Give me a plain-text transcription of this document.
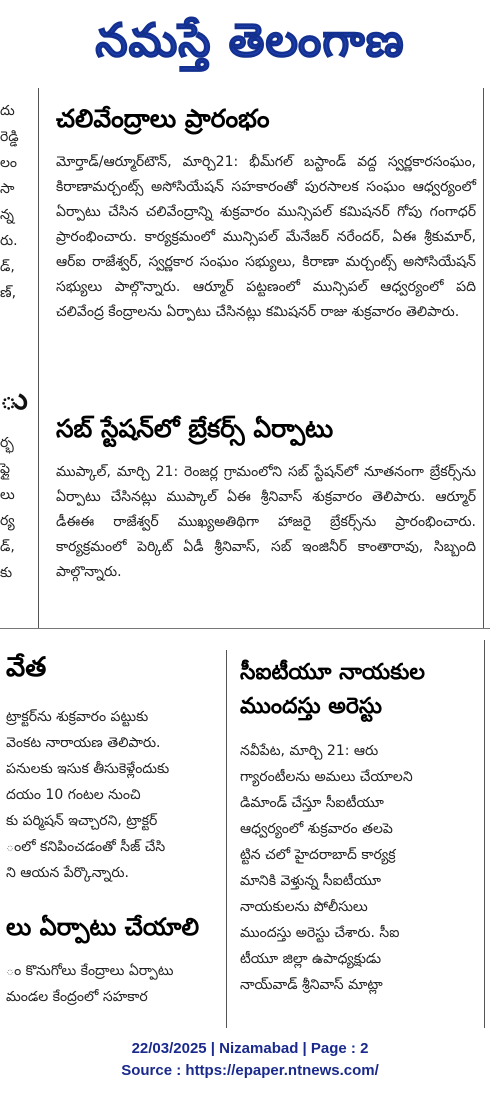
నమస్తే తెలంగాణ
దు
రెడ్డి
లం
సా
న్న
రు.
డ్,
ణ్,
ు
ర్భ
ఫ్లై
లు
ర్య
డ్,
కు
చలివేంద్రాలు ప్రారంభం
మోర్తాడ్/ఆర్మూర్‌టౌన్, మార్చి21: భీమ్‌గల్ బస్టాండ్ వద్ద స్వర్ణకారసంఘం, కిరాణామర్చంట్స్ అసోసియేషన్ సహకారంతో పురసాలక సంఘం ఆధ్వర్యంలో ఏర్పాటు చేసిన చలివేంద్రాన్ని శుక్రవారం మున్సిపల్ కమిషనర్ గోపు గంగాధర్ ప్రారంభించారు. కార్యక్రమంలో మున్సిపల్ మేనేజర్ నరేందర్, ఏఈ శ్రీకుమార్, ఆర్ఐ రాజేశ్వర్, స్వర్ణకార సంఘం సభ్యులు, కిరాణా మర్చంట్స్ అసోసియేషన్ సభ్యులు పాల్గొన్నారు. ఆర్మూర్ పట్టణంలో మున్సిపల్ ఆధ్వర్యంలో పది చలివేంద్ర కేంద్రాలను ఏర్పాటు చేసినట్లు కమిషనర్ రాజు శుక్రవారం తెలిపారు.
సబ్ స్టేషన్‌లో బ్రేకర్స్ ఏర్పాటు
ముప్కాల్, మార్చి 21: రెంజర్ల గ్రామంలోని సబ్ స్టేషన్‌లో నూతనంగా బ్రేకర్స్‌ను ఏర్పాటు చేసినట్లు ముప్కాల్ ఏఈ శ్రీనివాస్ శుక్రవారం తెలిపారు. ఆర్మూర్ డీఈఈ రాజేశ్వర్ ముఖ్యఅతిథిగా హాజరై బ్రేకర్స్‌ను ప్రారంభించారు. కార్యక్రమంలో పెర్కిట్ ఏడీ శ్రీనివాస్, సబ్ ఇంజినీర్ కాంతారావు, సిబ్బంది పాల్గొన్నారు.
వేత
ట్రాక్టర్‌ను శుక్రవారం పట్టుకు
వెంకట నారాయణ తెలిపారు.
పనులకు ఇసుక తీసుకెళ్లేందుకు
దయం 10 గంటల నుంచి
కు పర్మిషన్ ఇచ్చారని, ట్రాక్టర్
ంలో కనిపించడంతో సీజ్ చేసి
ని ఆయన పేర్కొన్నారు.
లు ఏర్పాటు చేయాలి
ం కొనుగోలు కేంద్రాలు ఏర్పాటు
మండల కేంద్రంలో సహకార
సీఐటీయూ నాయకుల
ముందస్తు అరెస్టు
నవీపేట, మార్చి 21: ఆరు
గ్యారంటీలను అమలు చేయాలని
డిమాండ్ చేస్తూ సీఐటీయూ
ఆధ్వర్యంలో శుక్రవారం తలపె
ట్టిన చలో హైదరాబాద్ కార్యక్ర
మానికి వెళ్తున్న సీఐటీయూ
నాయకులను పోలీసులు
ముందస్తు అరెస్టు చేశారు. సీఐ
టీయూ జిల్లా ఉపాధ్యక్షుడు
నాయ్‌వాడ్ శ్రీనివాస్ మాట్లా
22/03/2025 | Nizamabad | Page : 2
Source : https://epaper.ntnews.com/
